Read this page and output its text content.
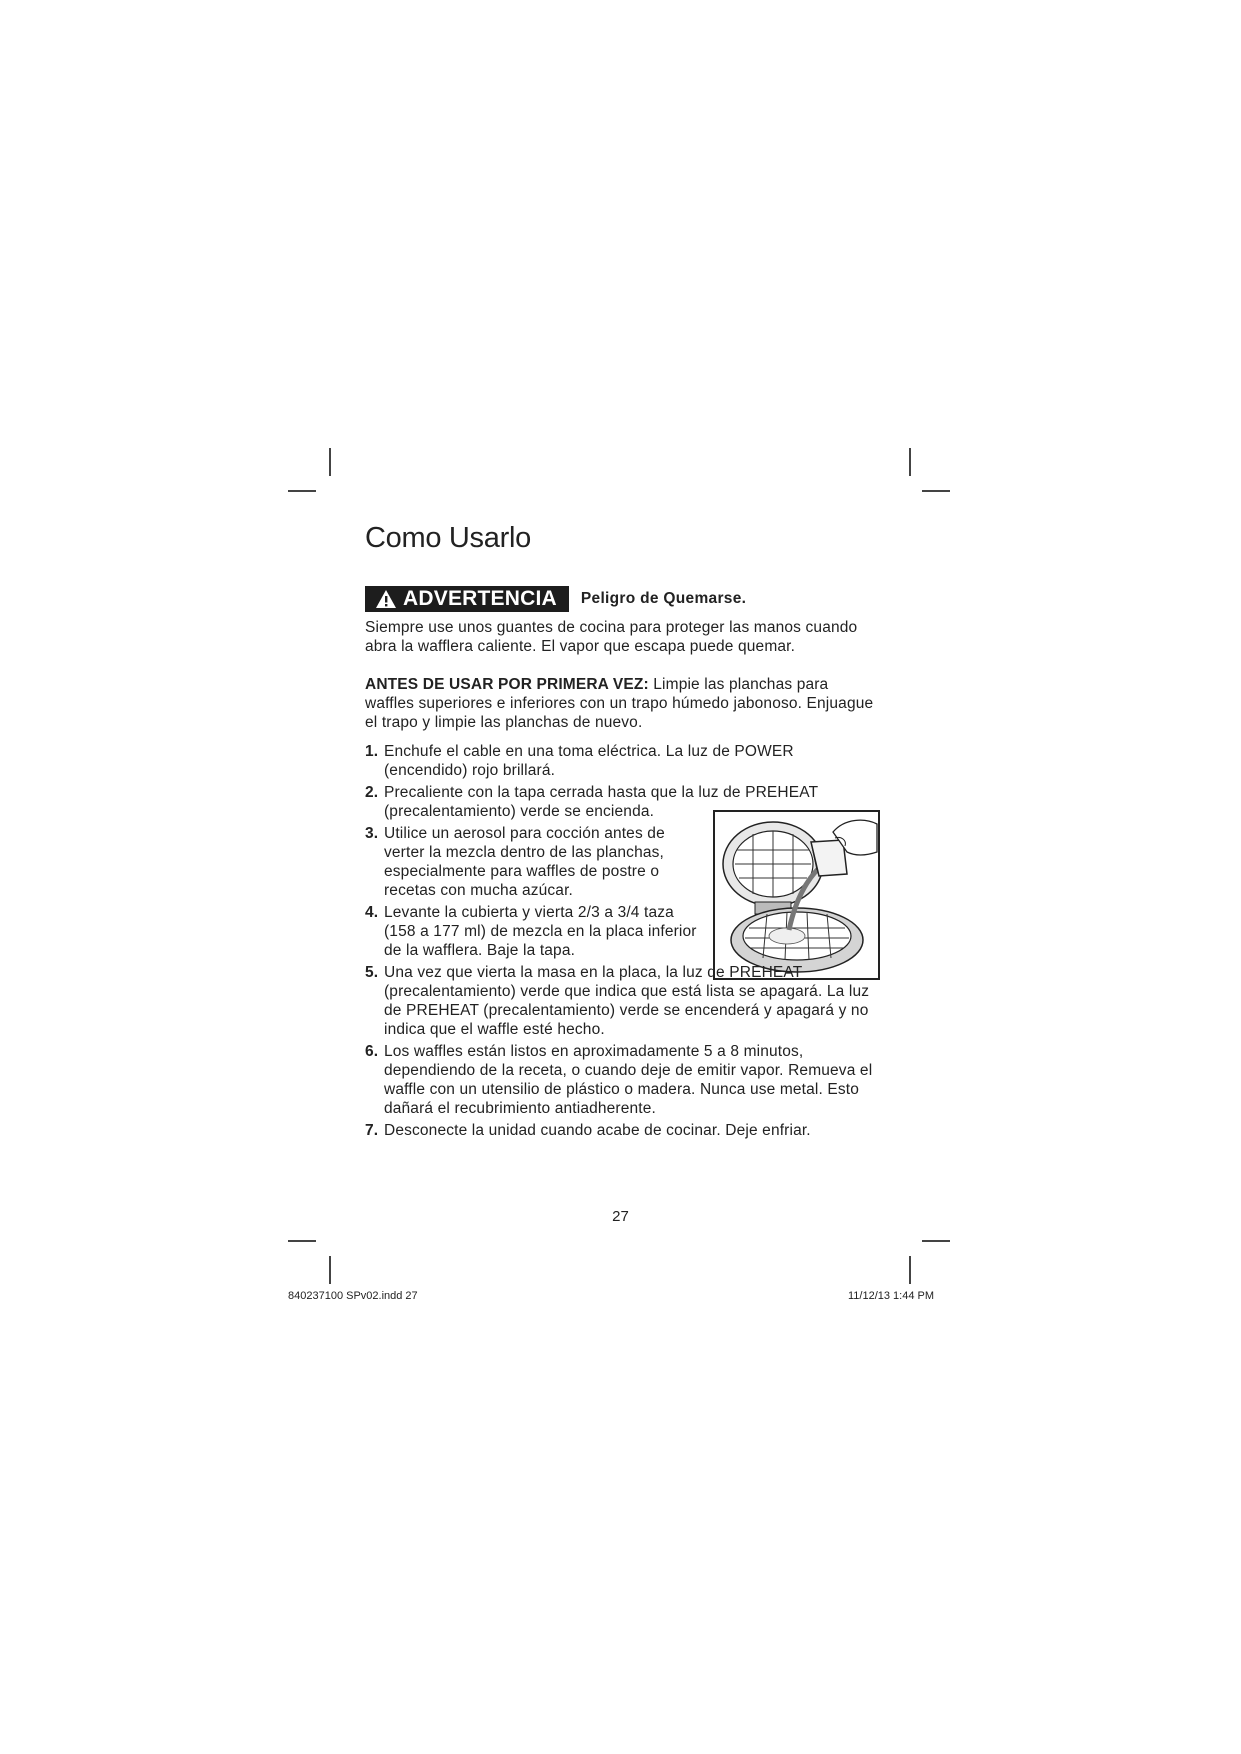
Como Usarlo
ADVERTENCIA Peligro de Quemarse.

Siempre use unos guantes de cocina para proteger las manos cuando abra la wafflera caliente. El vapor que escapa puede quemar.

ANTES DE USAR POR PRIMERA VEZ: Limpie las planchas para waffles superiores e inferiores con un trapo húmedo jabonoso. Enjuague el trapo y limpie las planchas de nuevo.

1. Enchufe el cable en una toma eléctrica. La luz de POWER (encendido) rojo brillará.
2. Precaliente con la tapa cerrada hasta que la luz de PREHEAT (precalentamiento) verde se encienda.
3. Utilice un aerosol para cocción antes de verter la mezcla dentro de las planchas, especialmente para waffles de postre o recetas con mucha azúcar.
4. Levante la cubierta y vierta 2/3 a 3/4 taza (158 a 177 ml) de mezcla en la placa inferior de la wafflera. Baje la tapa.
5. Una vez que vierta la masa en la placa, la luz de PREHEAT (precalentamiento) verde que indica que está lista se apagará. La luz de PREHEAT (precalentamiento) verde se encenderá y apagará y no indica que el waffle esté hecho.
6. Los waffles están listos en aproximadamente 5 a 8 minutos, dependiendo de la receta, o cuando deje de emitir vapor. Remueva el waffle con un utensilio de plástico o madera. Nunca use metal. Esto dañará el recubrimiento antiadherente.
7. Desconecte la unidad cuando acabe de cocinar. Deje enfriar.
27
840237100 SPv02.indd 27	11/12/13 1:44 PM
